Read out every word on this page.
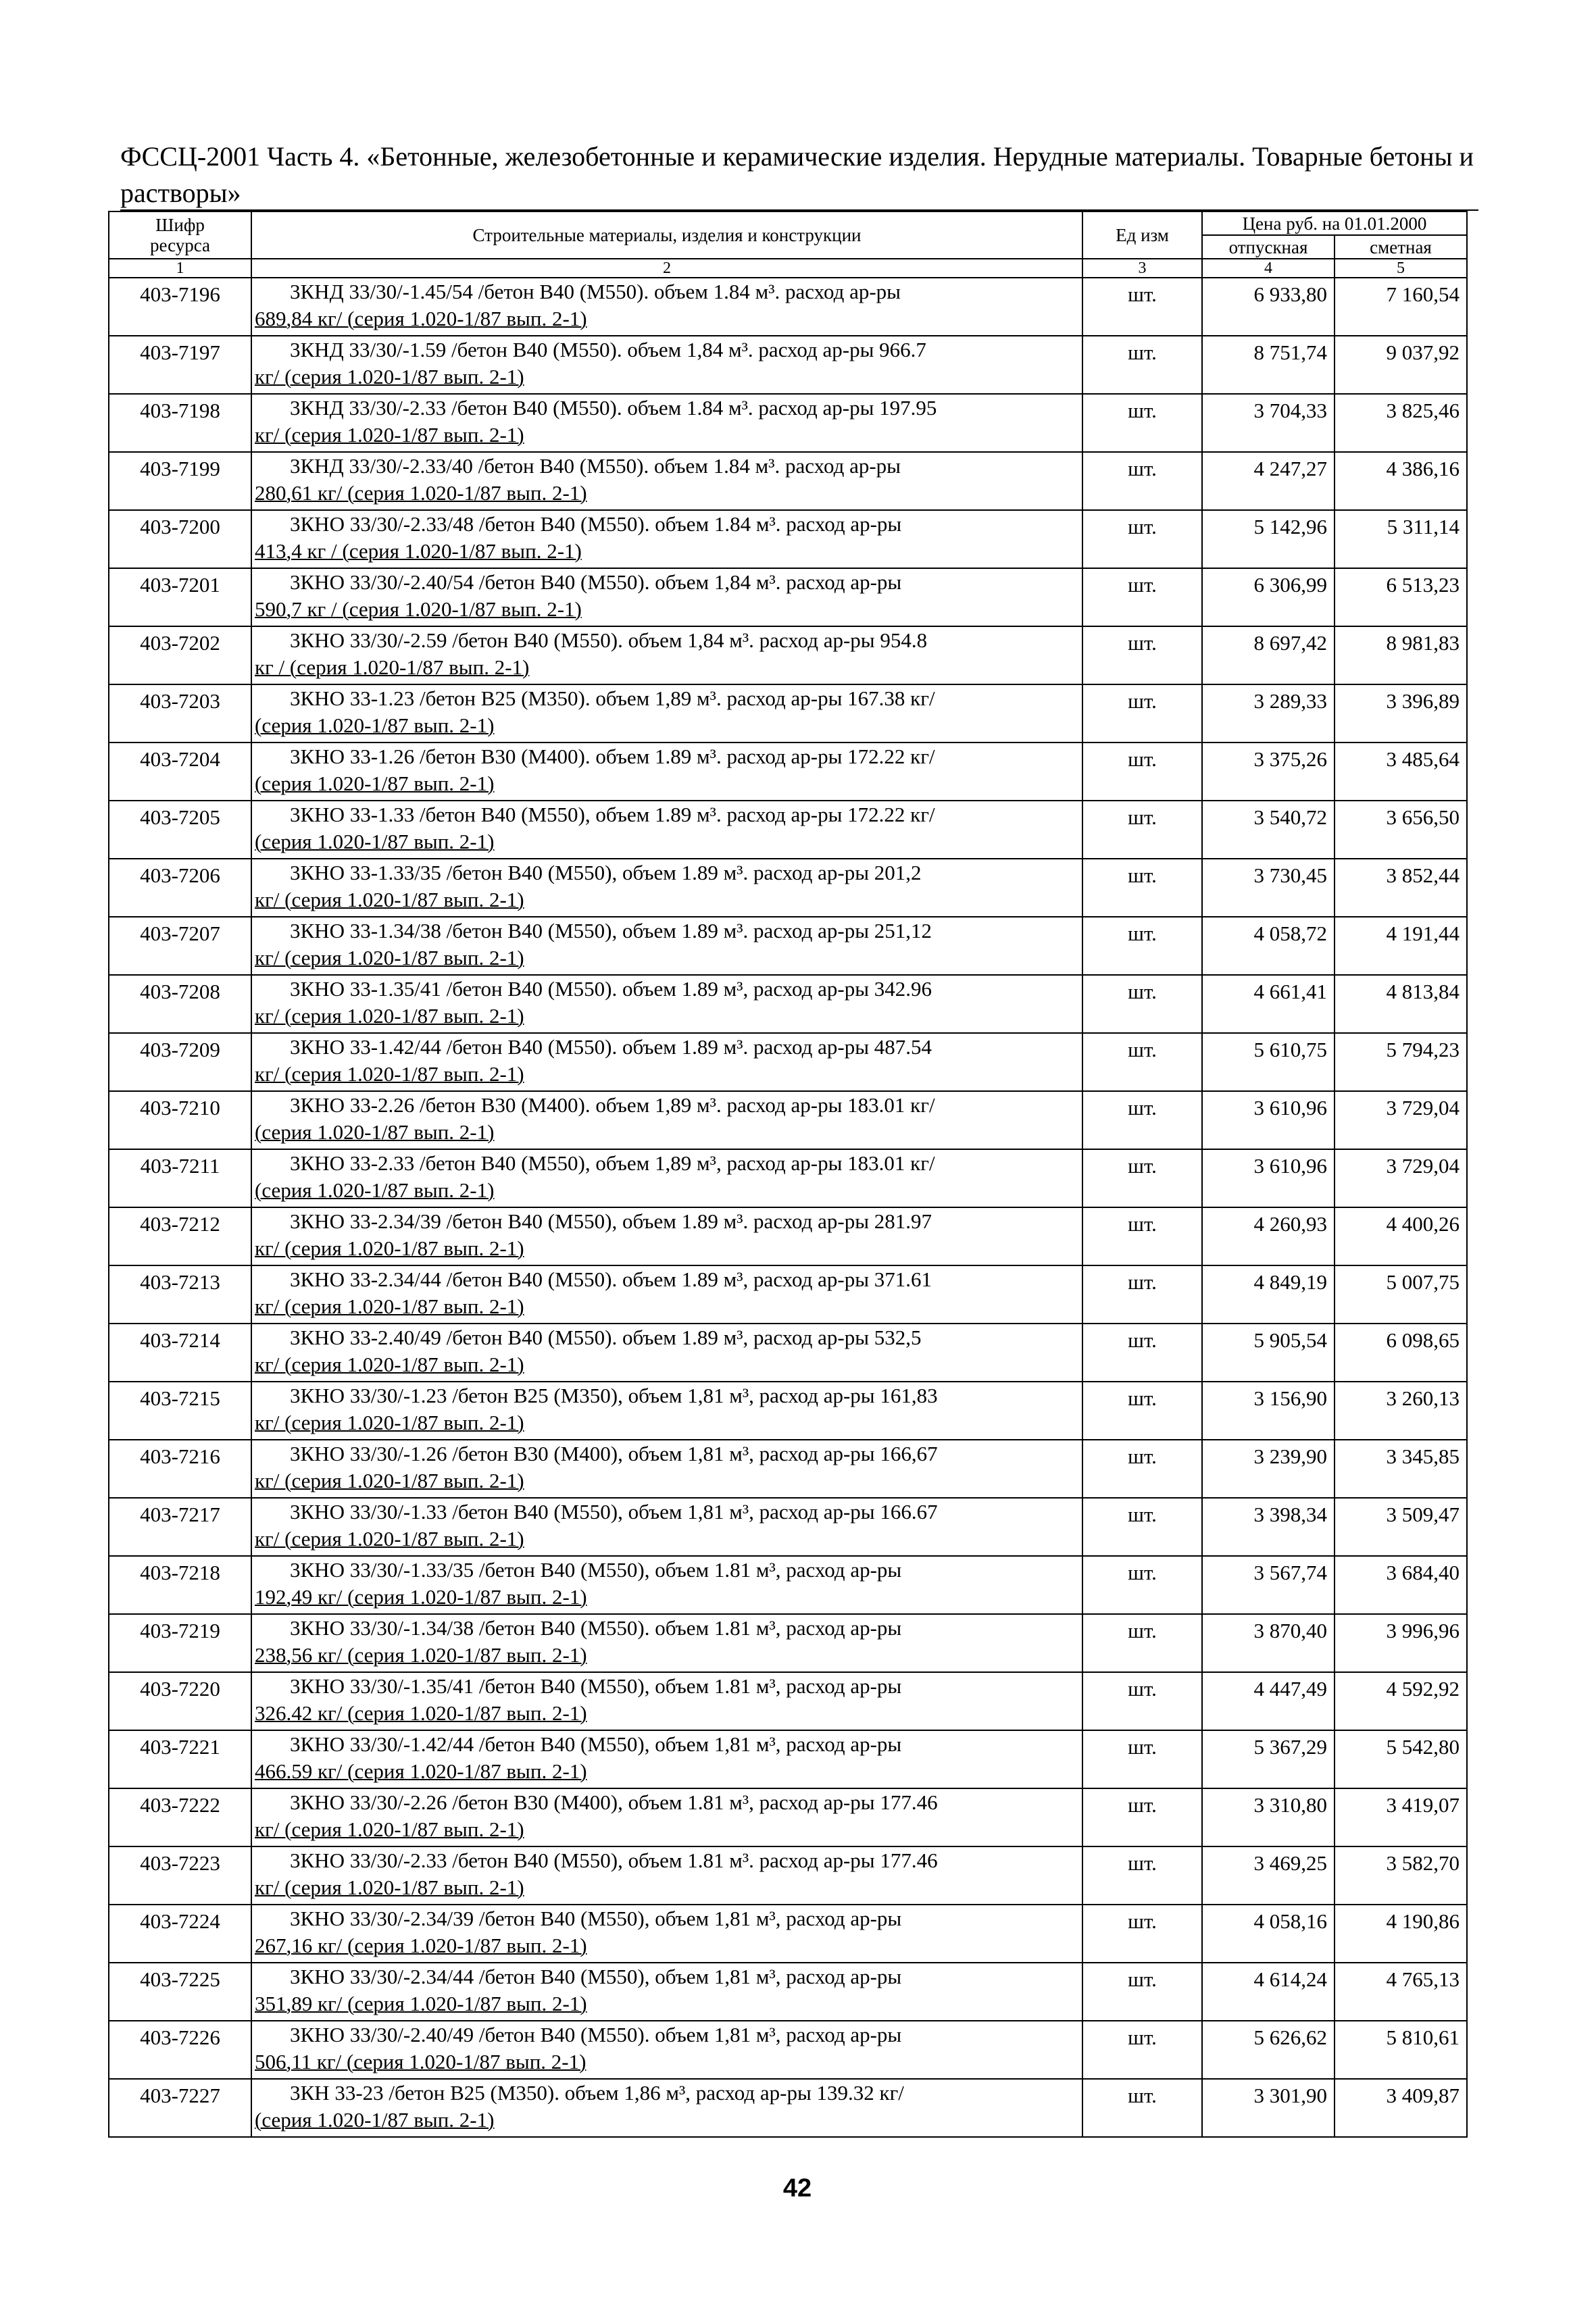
ФССЦ-2001 Часть 4. «Бетонные, железобетонные и керамические изделия. Нерудные материалы. Товарные бетоны и растворы»
Шифр ресурса	Строительные материалы, изделия и конструкции	Ед изм	Цена руб. на 01.01.2000	
			отпускная	сметная
1	2	3	4	5
403-7196	3КНД 33/30/-1.45/54 /бетон В40 (М550). объем 1.84 м³. расход ар-ры
689,84 кг/ (серия 1.020-1/87 вып. 2-1)	шт.	6 933,80	7 160,54
403-7197	3КНД 33/30/-1.59 /бетон В40 (М550). объем 1,84 м³. расход ар-ры 966.7
кг/ (серия 1.020-1/87 вып. 2-1)	шт.	8 751,74	9 037,92
403-7198	3КНД 33/30/-2.33 /бетон В40 (М550). объем 1.84 м³. расход ар-ры 197.95
кг/ (серия 1.020-1/87 вып. 2-1)	шт.	3 704,33	3 825,46
403-7199	3КНД 33/30/-2.33/40 /бетон В40 (М550). объем 1.84 м³. расход ар-ры
280,61 кг/ (серия 1.020-1/87 вып. 2-1)	шт.	4 247,27	4 386,16
403-7200	3КНО 33/30/-2.33/48 /бетон В40 (М550). объем 1.84 м³. расход ар-ры
413,4 кг / (серия 1.020-1/87 вып. 2-1)	шт.	5 142,96	5 311,14
403-7201	3КНО 33/30/-2.40/54 /бетон В40 (М550). объем 1,84 м³. расход ар-ры
590,7 кг / (серия 1.020-1/87 вып. 2-1)	шт.	6 306,99	6 513,23
403-7202	3КНО 33/30/-2.59 /бетон В40 (М550). объем 1,84 м³. расход ар-ры 954.8
кг / (серия 1.020-1/87 вып. 2-1)	шт.	8 697,42	8 981,83
403-7203	3КНО 33-1.23 /бетон В25 (М350). объем 1,89 м³. расход ар-ры 167.38 кг/
(серия 1.020-1/87 вып. 2-1)	шт.	3 289,33	3 396,89
403-7204	3КНО 33-1.26 /бетон В30 (М400). объем 1.89 м³. расход ар-ры 172.22 кг/
(серия 1.020-1/87 вып. 2-1)	шт.	3 375,26	3 485,64
403-7205	3КНО 33-1.33 /бетон В40 (М550), объем 1.89 м³. расход ар-ры 172.22 кг/
(серия 1.020-1/87 вып. 2-1)	шт.	3 540,72	3 656,50
403-7206	3КНО 33-1.33/35 /бетон В40 (М550), объем 1.89 м³. расход ар-ры 201,2
кг/ (серия 1.020-1/87 вып. 2-1)	шт.	3 730,45	3 852,44
403-7207	3КНО 33-1.34/38 /бетон В40 (М550), объем 1.89 м³. расход ар-ры 251,12
кг/ (серия 1.020-1/87 вып. 2-1)	шт.	4 058,72	4 191,44
403-7208	3КНО 33-1.35/41 /бетон В40 (М550). объем 1.89 м³, расход ар-ры 342.96
кг/ (серия 1.020-1/87 вып. 2-1)	шт.	4 661,41	4 813,84
403-7209	3КНО 33-1.42/44 /бетон В40 (М550). объем 1.89 м³. расход ар-ры 487.54
кг/ (серия 1.020-1/87 вып. 2-1)	шт.	5 610,75	5 794,23
403-7210	3КНО 33-2.26 /бетон В30 (М400). объем 1,89 м³. расход ар-ры 183.01 кг/
(серия 1.020-1/87 вып. 2-1)	шт.	3 610,96	3 729,04
403-7211	3КНО 33-2.33 /бетон В40 (М550), объем 1,89 м³, расход ар-ры 183.01 кг/
(серия 1.020-1/87 вып. 2-1)	шт.	3 610,96	3 729,04
403-7212	3КНО 33-2.34/39 /бетон В40 (М550), объем 1.89 м³. расход ар-ры 281.97
кг/ (серия 1.020-1/87 вып. 2-1)	шт.	4 260,93	4 400,26
403-7213	3КНО 33-2.34/44 /бетон В40 (М550). объем 1.89 м³, расход ар-ры 371.61
кг/ (серия 1.020-1/87 вып. 2-1)	шт.	4 849,19	5 007,75
403-7214	3КНО 33-2.40/49 /бетон В40 (М550). объем 1.89 м³, расход ар-ры 532,5
кг/ (серия 1.020-1/87 вып. 2-1)	шт.	5 905,54	6 098,65
403-7215	3КНО 33/30/-1.23 /бетон В25 (М350), объем 1,81 м³, расход ар-ры 161,83
кг/ (серия 1.020-1/87 вып. 2-1)	шт.	3 156,90	3 260,13
403-7216	3КНО 33/30/-1.26 /бетон В30 (М400), объем 1,81 м³, расход ар-ры 166,67
кг/ (серия 1.020-1/87 вып. 2-1)	шт.	3 239,90	3 345,85
403-7217	3КНО 33/30/-1.33 /бетон В40 (М550), объем 1,81 м³, расход ар-ры 166.67
кг/ (серия 1.020-1/87 вып. 2-1)	шт.	3 398,34	3 509,47
403-7218	3КНО 33/30/-1.33/35 /бетон В40 (М550), объем 1.81 м³, расход ар-ры
192,49 кг/ (серия 1.020-1/87 вып. 2-1)	шт.	3 567,74	3 684,40
403-7219	3КНО 33/30/-1.34/38 /бетон В40 (М550). объем 1.81 м³, расход ар-ры
238,56 кг/ (серия 1.020-1/87 вып. 2-1)	шт.	3 870,40	3 996,96
403-7220	3КНО 33/30/-1.35/41 /бетон В40 (М550), объем 1.81 м³, расход ар-ры
326.42 кг/ (серия 1.020-1/87 вып. 2-1)	шт.	4 447,49	4 592,92
403-7221	3КНО 33/30/-1.42/44 /бетон В40 (М550), объем 1,81 м³, расход ар-ры
466.59 кг/ (серия 1.020-1/87 вып. 2-1)	шт.	5 367,29	5 542,80
403-7222	3КНО 33/30/-2.26 /бетон В30 (М400), объем 1.81 м³, расход ар-ры 177.46
кг/ (серия 1.020-1/87 вып. 2-1)	шт.	3 310,80	3 419,07
403-7223	3КНО 33/30/-2.33 /бетон В40 (М550), объем 1.81 м³. расход ар-ры 177.46
кг/ (серия 1.020-1/87 вып. 2-1)	шт.	3 469,25	3 582,70
403-7224	3КНО 33/30/-2.34/39 /бетон В40 (М550), объем 1,81 м³, расход ар-ры
267,16 кг/ (серия 1.020-1/87 вып. 2-1)	шт.	4 058,16	4 190,86
403-7225	3КНО 33/30/-2.34/44 /бетон В40 (М550), объем 1,81 м³, расход ар-ры
351,89 кг/ (серия 1.020-1/87 вып. 2-1)	шт.	4 614,24	4 765,13
403-7226	3КНО 33/30/-2.40/49 /бетон В40 (М550). объем 1,81 м³, расход ар-ры
506,11 кг/ (серия 1.020-1/87 вып. 2-1)	шт.	5 626,62	5 810,61
403-7227	3КН 33-23 /бетон В25 (М350). объем 1,86 м³, расход ар-ры 139.32 кг/
(серия 1.020-1/87 вып. 2-1)	шт.	3 301,90	3 409,87
42
